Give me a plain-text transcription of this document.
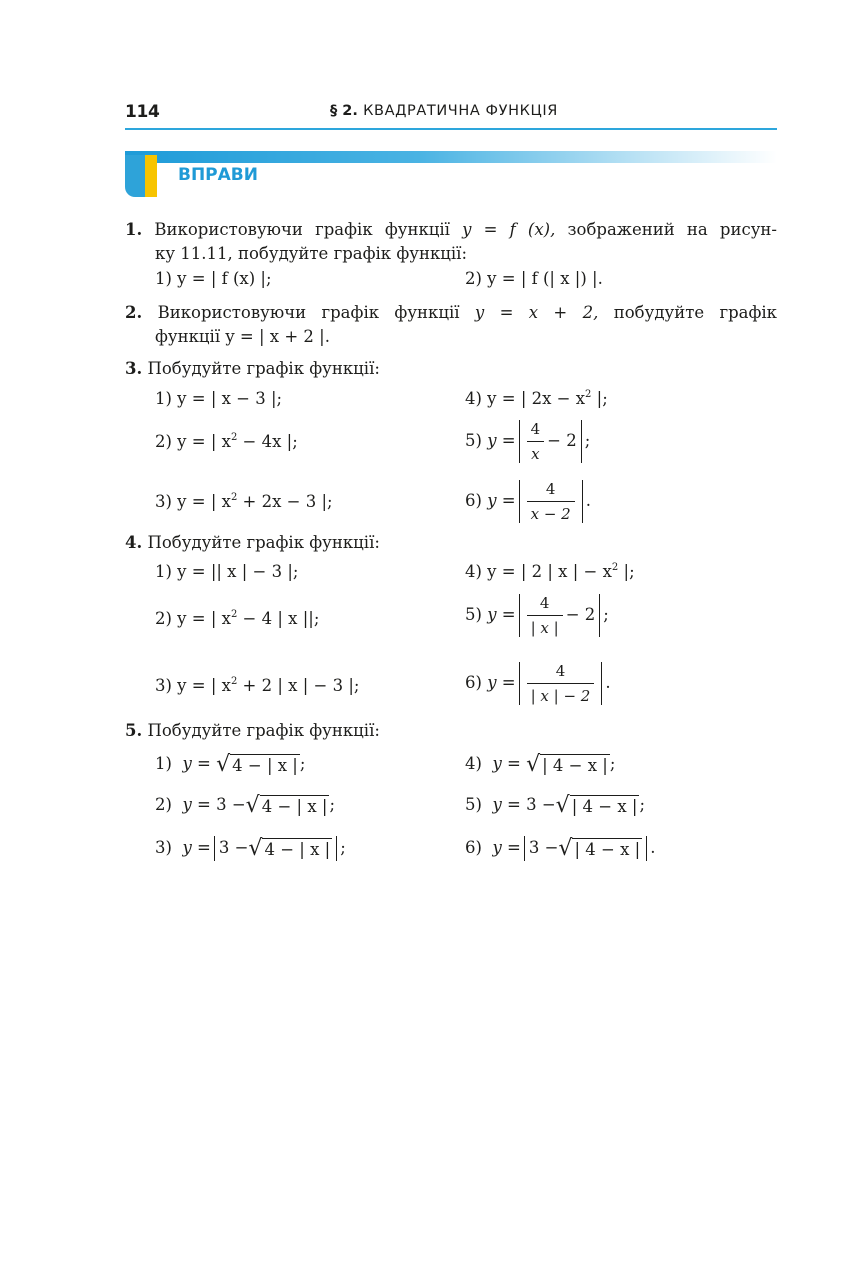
114	§ 2. КВАДРАТИЧНА ФУНКЦІЯ
ВПРАВИ
1. Використовуючи графік функції y = f (x), зображений на рисун-
ку 11.11, побудуйте графік функції:
1) y = | f (x) |;	2) y = | f (| x |) |.
2. Використовуючи графік функції y = x + 2, побудуйте графік
функції y = | x + 2 |.
3. Побудуйте графік функції:
1) y = | x − 3 |;	4) y = | $2x - x^2$ |;
2) y = | $x^2 - 4x$ |;	5) $y = \frac{4}{x} - 2$ ;
3) y = | $x^2 + 2x - 3$ |;	6) $y = \frac{4}{x - 2}$ .
4. Побудуйте графік функції:
1) y = || x | − 3 |;	4) y = | 2 | x | − $x^2$ |;
2) y = | $x^2 - 4$ | x ||;	5) $y = \frac{4}{| x |} - 2$ ;
3) y = | $x^2 + 2$ | x | − 3 |;	6) $y = \frac{4}{| x | - 2}$ .
5. Побудуйте графік функції:
1) y = √ 4 − | x | ;	4) y = √ | 4 − x | ;
2) y = 3 −√ 4 − | x | ;	5) y = 3 −√ | 4 − x | ;
3) y = 3 −√ 4 − | x | ;	6) y = 3 −√ | 4 − x | .
